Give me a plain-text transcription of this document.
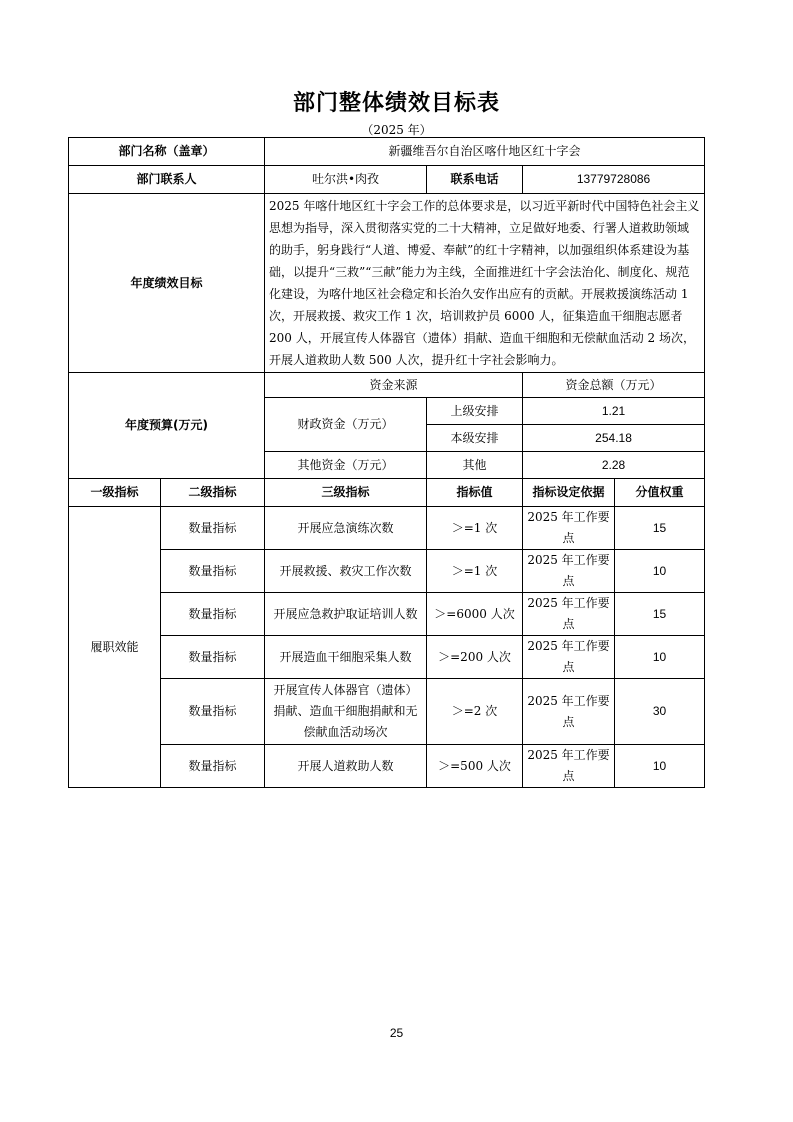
部门整体绩效目标表
（2025 年）
部门名称（盖章）		新疆维吾尔自治区喀什地区红十字会			
部门联系人		吐尔洪•肉孜	联系电话	13779728086	
年度绩效目标		2025 年喀什地区红十字会工作的总体要求是，以习近平新时代中国特色社会主义思想为指导，深入贯彻落实党的二十大精神，立足做好地委、行署人道救助领域的助手，躬身践行“人道、博爱、奉献”的红十字精神，以加强组织体系建设为基础，以提升“三救”“三献”能力为主线，全面推进红十字会法治化、制度化、规范化建设，为喀什地区社会稳定和长治久安作出应有的贡献。开展救援演练活动 1 次，开展救援、救灾工作 1 次，培训救护员 6000 人，征集造血干细胞志愿者 200 人，开展宣传人体器官（遗体）捐献、造血干细胞和无偿献血活动 2 场次，开展人道救助人数 500 人次，提升红十字社会影响力。			
年度预算(万元)		资金来源		资金总额（万元）	
		财政资金（万元）	上级安排	1.21	
			本级安排	254.18	
		其他资金（万元）	其他	2.28	
一级指标	二级指标	三级指标	指标值	指标设定依据	分值权重
履职效能	数量指标	开展应急演练次数	＞=1 次	2025 年工作要点	15
	数量指标	开展救援、救灾工作次数	＞=1 次	2025 年工作要点	10
	数量指标	开展应急救护取证培训人数	＞=6000 人次	2025 年工作要点	15
	数量指标	开展造血干细胞采集人数	＞=200 人次	2025 年工作要点	10
	数量指标	开展宣传人体器官（遗体）捐献、造血干细胞捐献和无偿献血活动场次	＞=2 次	2025 年工作要点	30
	数量指标	开展人道救助人数	＞=500 人次	2025 年工作要点	10
25
